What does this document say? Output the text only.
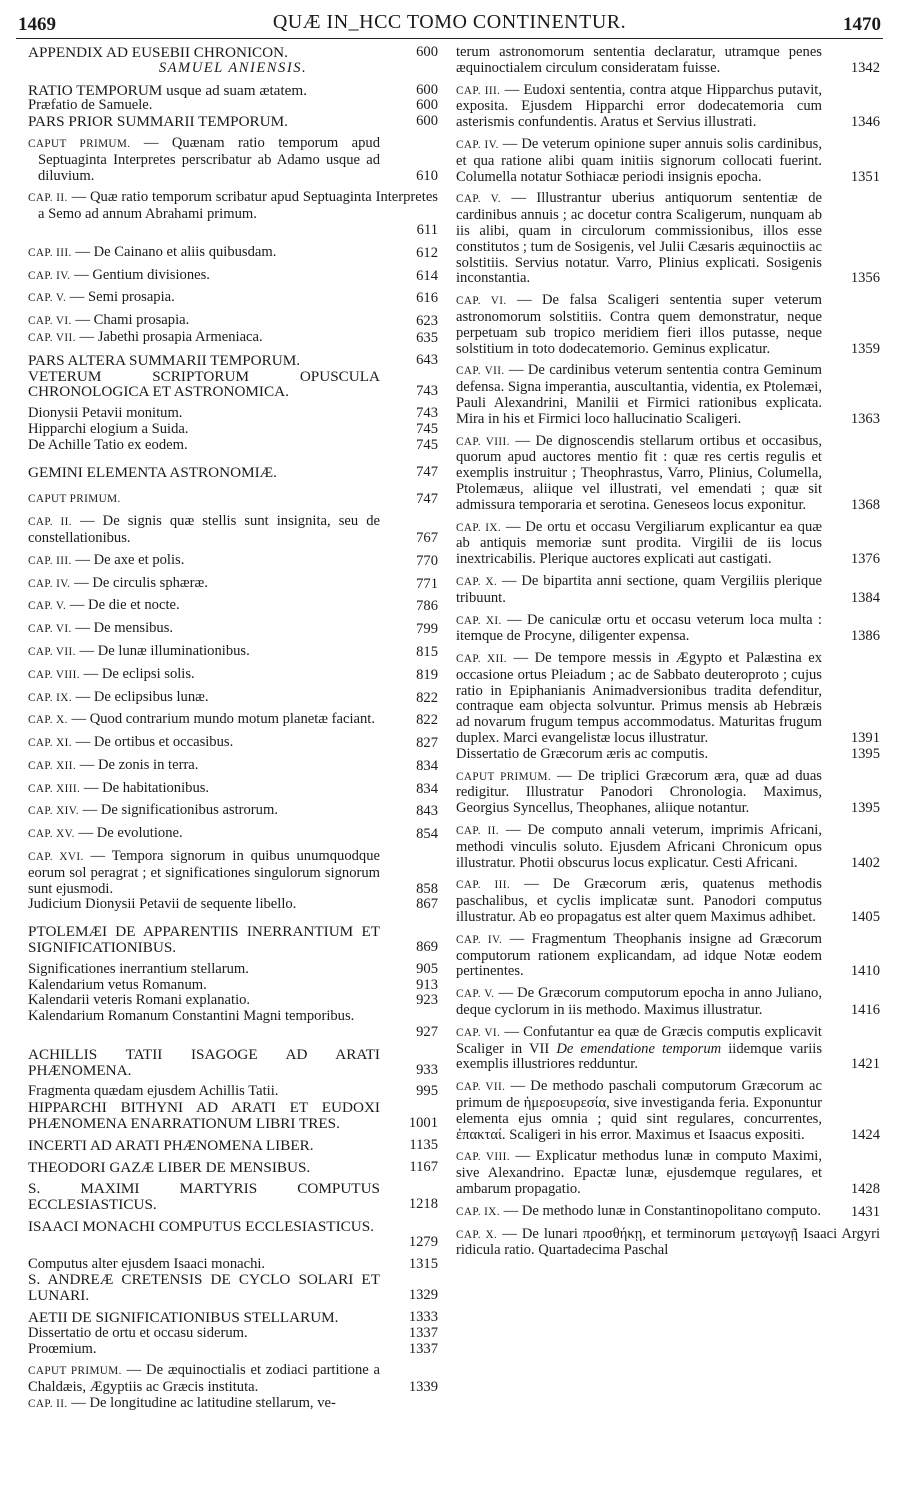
1469	QUÆ IN_HCC TOMO CONTINENTUR.	1470
APPENDIX AD EUSEBII CHRONICON.	600
SAMUEL ANIENSIS.
RATIO TEMPORUM usque ad suam ætatem.	600
Præfatio de Samuele.	600
PARS PRIOR SUMMARII TEMPORUM.	600
CAPUT PRIMUM. — Quænam ratio temporum apud Septuaginta Interpretes perscribatur ab Adamo usque ad diluvium.	610
CAP. II. — Quæ ratio temporum scribatur apud Septuaginta Interpretes a Semo ad annum Abrahami primum.
611
CAP. III. — De Cainano et aliis quibusdam.	612
CAP. IV. — Gentium divisiones.	614
CAP. V. — Semi prosapia.	616
CAP. VI. — Chami prosapia.	623
CAP. VII. — Jabethi prosapia Armeniaca.	635
PARS ALTERA SUMMARII TEMPORUM.	643
VETERUM SCRIPTORUM OPUSCULA CHRONOLOGICA ET ASTRONOMICA.	743
Dionysii Petavii monitum.	743
Hipparchi elogium a Suida.	745
De Achille Tatio ex eodem.	745
GEMINI ELEMENTA ASTRONOMIÆ.	747
CAPUT PRIMUM.	747
CAP. II. — De signis quæ stellis sunt insignita, seu de constellationibus.	767
CAP. III. — De axe et polis.	770
CAP. IV. — De circulis sphæræ.	771
CAP. V. — De die et nocte.	786
CAP. VI. — De mensibus.	799
CAP. VII. — De lunæ illuminationibus.	815
CAP. VIII. — De eclipsi solis.	819
CAP. IX. — De eclipsibus lunæ.	822
CAP. X. — Quod contrarium mundo motum planetæ faciant.	822
CAP. XI. — De ortibus et occasibus.	827
CAP. XII. — De zonis in terra.	834
CAP. XIII. — De habitationibus.	834
CAP. XIV. — De significationibus astrorum.	843
CAP. XV. — De evolutione.	854
CAP. XVI. — Tempora signorum in quibus unumquodque eorum sol peragrat ; et significationes singulorum signorum sunt ejusmodi.	858
Judicium Dionysii Petavii de sequente libello.	867
PTOLEMÆI DE APPARENTIIS INERRANTIUM ET SIGNIFICATIONIBUS.	869
Significationes inerrantium stellarum.	905
Kalendarium vetus Romanum.	913
Kalendarii veteris Romani explanatio.	923
Kalendarium Romanum Constantini Magni temporibus.
927
ACHILLIS TATII ISAGOGE AD ARATI PHÆNOMENA.	933
Fragmenta quædam ejusdem Achillis Tatii.	995
HIPPARCHI BITHYNI AD ARATI ET EUDOXI PHÆNOMENA ENARRATIONUM LIBRI TRES.	1001
INCERTI AD ARATI PHÆNOMENA LIBER.	1135
THEODORI GAZÆ LIBER DE MENSIBUS.	1167
S. MAXIMI MARTYRIS COMPUTUS ECCLESIASTICUS.	1218
ISAACI MONACHI COMPUTUS ECCLESIASTICUS.
1279
Computus alter ejusdem Isaaci monachi.	1315
S. ANDREÆ CRETENSIS DE CYCLO SOLARI ET LUNARI.	1329
AETII DE SIGNIFICATIONIBUS STELLARUM.	1333
Dissertatio de ortu et occasu siderum.	1337
Proœmium.	1337
CAPUT PRIMUM. — De æquinoctialis et zodiaci partitione a Chaldæis, Ægyptiis ac Græcis instituta.	1339
CAP. II. — De longitudine ac latitudine stellarum, ve-
terum astronomorum sententia declaratur, utramque penes æquinoctialem circulum consideratam fuisse.	1342
CAP. III. — Eudoxi sententia, contra atque Hipparchus putavit, exposita. Ejusdem Hipparchi error dodecatemoria cum asterismis confundentis. Aratus et Servius illustrati.	1346
CAP. IV. — De veterum opinione super annuis solis cardinibus, et qua ratione alibi quam initiis signorum collocati fuerint. Columella notatur Sothiacæ periodi insignis epocha.	1351
CAP. V. — Illustrantur uberius antiquorum sententiæ de cardinibus annuis ; ac docetur contra Scaligerum, nunquam ab iis alibi, quam in circulorum commissionibus, illos esse constitutos ; tum de Sosigenis, vel Julii Cæsaris æquinoctiis ac solstitiis. Servius notatur. Varro, Plinius explicati. Sosigenis inconstantia.	1356
CAP. VI. — De falsa Scaligeri sententia super veterum astronomorum solstitiis. Contra quem demonstratur, neque perpetuam sub tropico meridiem fieri illos putasse, neque solstitium in toto dodecatemorio. Geminus explicatur.	1359
CAP. VII. — De cardinibus veterum sententia contra Geminum defensa. Signa imperantia, auscultantia, videntia, ex Ptolemæi, Pauli Alexandrini, Manilii et Firmici rationibus explicata. Mira in his et Firmici loco hallucinatio Scaligeri.	1363
CAP. VIII. — De dignoscendis stellarum ortibus et occasibus, quorum apud auctores mentio fit : quæ res certis regulis et exemplis instruitur ; Theophrastus, Varro, Plinius, Columella, Ptolemæus, aliique vel illustrati, vel emendati ; quæ sit admissura temporaria et serotina. Geneseos locus exponitur.	1368
CAP. IX. — De ortu et occasu Vergiliarum explicantur ea quæ ab antiquis memoriæ sunt prodita. Virgilii de iis locus inextricabilis. Plerique auctores explicati aut castigati.	1376
CAP. X. — De bipartita anni sectione, quam Vergiliis plerique tribuunt.	1384
CAP. XI. — De caniculæ ortu et occasu veterum loca multa : itemque de Procyne, diligenter expensa.	1386
CAP. XII. — De tempore messis in Ægypto et Palæstina ex occasione ortus Pleiadum ; ac de Sabbato deuteroproto ; cujus ratio in Epiphanianis Animadversionibus tradita defenditur, contraque eam objecta solvuntur. Primus mensis ab Hebræis ad novarum frugum tempus accommodatus. Maturitas frugum duplex. Marci evangelistæ locus illustratur.	1391
Dissertatio de Græcorum æris ac computis.	1395
CAPUT PRIMUM. — De triplici Græcorum æra, quæ ad duas redigitur. Illustratur Panodori Chronologia. Maximus, Georgius Syncellus, Theophanes, aliique notantur.	1395
CAP. II. — De computo annali veterum, imprimis Africani, methodi vinculis soluto. Ejusdem Africani Chronicum opus illustratur. Photii obscurus locus explicatur. Cesti Africani.	1402
CAP. III. — De Græcorum æris, quatenus methodis paschalibus, et cyclis implicatæ sunt. Panodori computus illustratur. Ab eo propagatus est alter quem Maximus adhibet.	1405
CAP. IV. — Fragmentum Theophanis insigne ad Græcorum computorum rationem explicandam, ad idque Notæ eodem pertinentes.	1410
CAP. V. — De Græcorum computorum epocha in anno Juliano, deque cyclorum in iis methodo. Maximus illustratur.	1416
CAP. VI. — Confutantur ea quæ de Græcis computis explicavit Scaliger in VII De emendatione temporum iidemque variis exemplis illustriores redduntur.	1421
CAP. VII. — De methodo paschali computorum Græcorum ac primum de ἡμεροευρεσία, sive investiganda feria. Exponuntur elementa ejus omnia ; quid sint regulares, concurrentes, ἐπακταί. Scaligeri in his error. Maximus et Isaacus expositi.	1424
CAP. VIII. — Explicatur methodus lunæ in computo Maximi, sive Alexandrino. Epactæ lunæ, ejusdemque regulares, et ambarum propagatio.	1428
CAP. IX. — De methodo lunæ in Constantinopolitano computo.	1431
CAP. X. — De lunari προσθήκῃ, et terminorum μεταγωγῇ Isaaci Argyri ridicula ratio. Quartadecima Paschal
